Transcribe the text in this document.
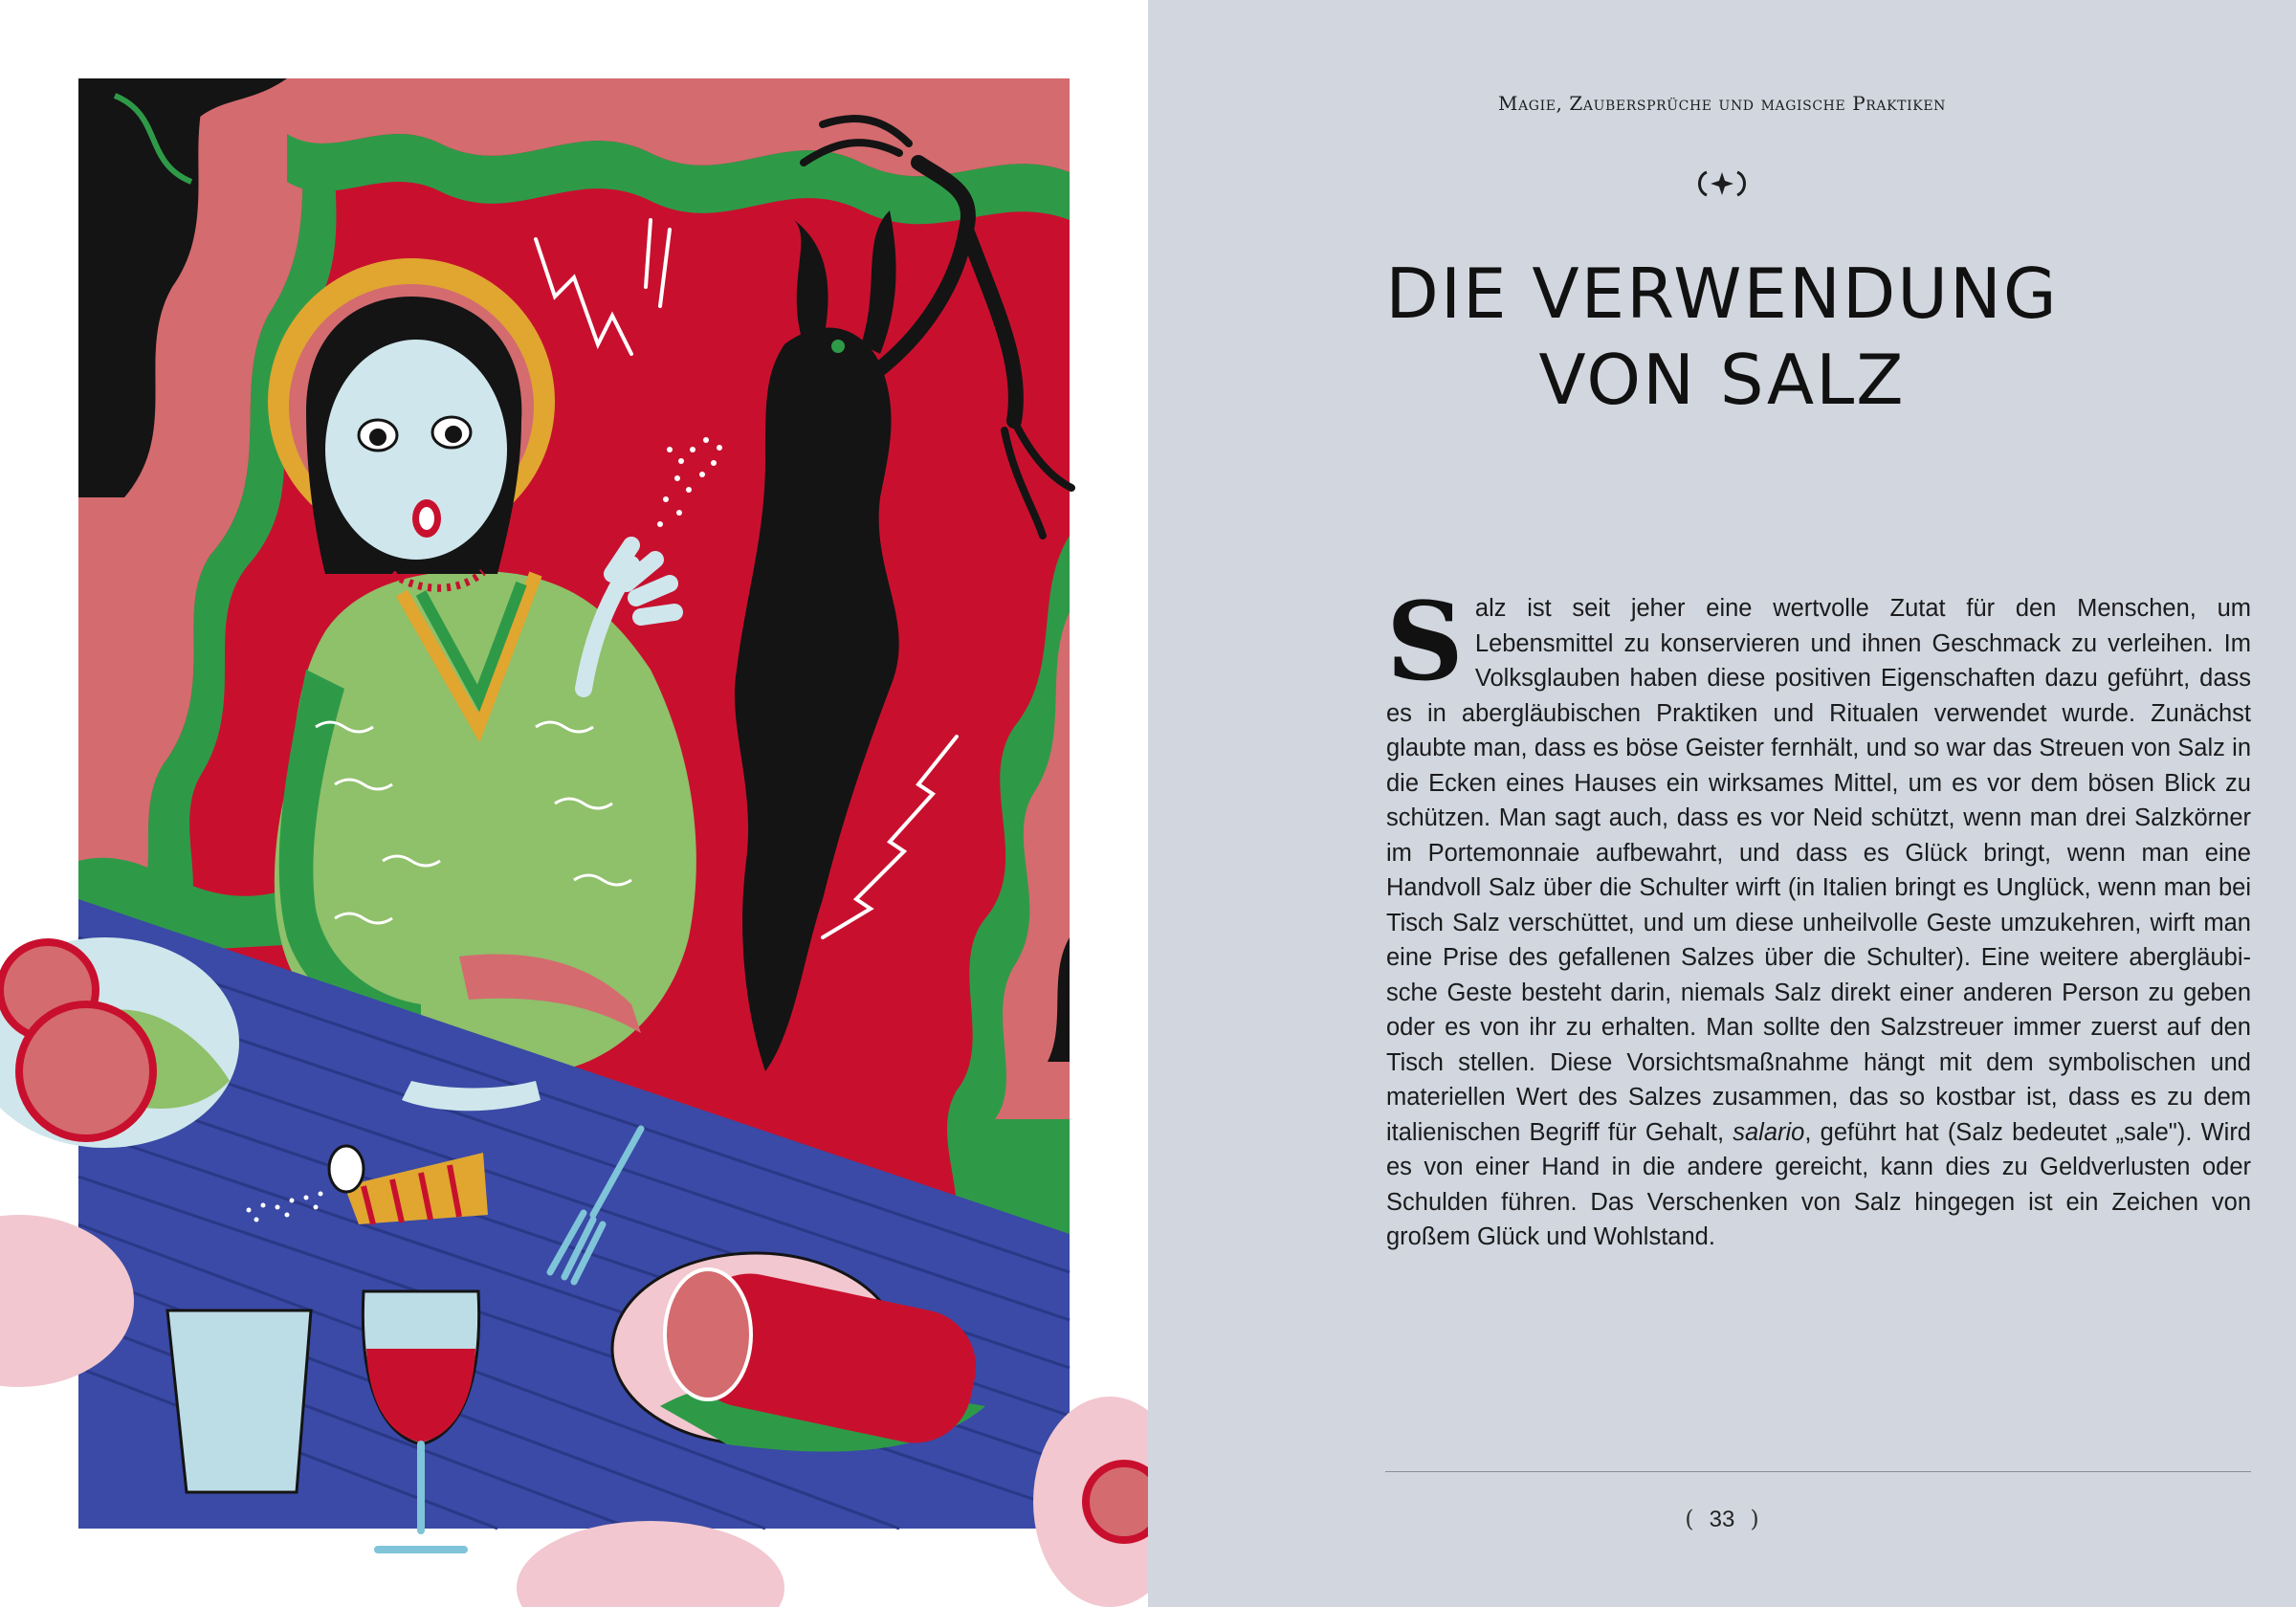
Magie, Zaubersprüche und magische Praktiken
DIE VERWENDUNG
VON SALZ
Salz ist seit jeher eine wertvolle Zutat für den Menschen, um Lebensmittel zu konservieren und ihnen Geschmack zu verleihen. Im Volksglauben haben diese positiven Eigenschaften dazu geführt, dass es in abergläubischen Praktiken und Ritualen verwendet wurde. Zunächst glaubte man, dass es böse Geister fernhält, und so war das Streuen von Salz in die Ecken eines Hauses ein wirksames Mittel, um es vor dem bösen Blick zu schützen. Man sagt auch, dass es vor Neid schützt, wenn man drei Salzkörner im Portemonnaie aufbewahrt, und dass es Glück bringt, wenn man eine Handvoll Salz über die Schulter wirft (in Italien bringt es Unglück, wenn man bei Tisch Salz verschüttet, und um diese unheilvolle Geste umzukehren, wirft man eine Prise des gefallenen Salzes über die Schulter). Eine weitere abergläubische Geste besteht darin, niemals Salz direkt einer anderen Person zu geben oder es von ihr zu erhalten. Man sollte den Salzstreuer immer zuerst auf den Tisch stellen. Diese Vorsichtsmaßnahme hängt mit dem symbolischen und materiellen Wert des Salzes zusammen, das so kostbar ist, dass es zu dem italienischen Begriff für Gehalt, salario, geführt hat (Salz bedeutet „sale"). Wird es von einer Hand in die andere gereicht, kann dies zu Geldverlusten oder Schulden führen. Das Verschenken von Salz hingegen ist ein Zeichen von großem Glück und Wohlstand.
( 33 )
